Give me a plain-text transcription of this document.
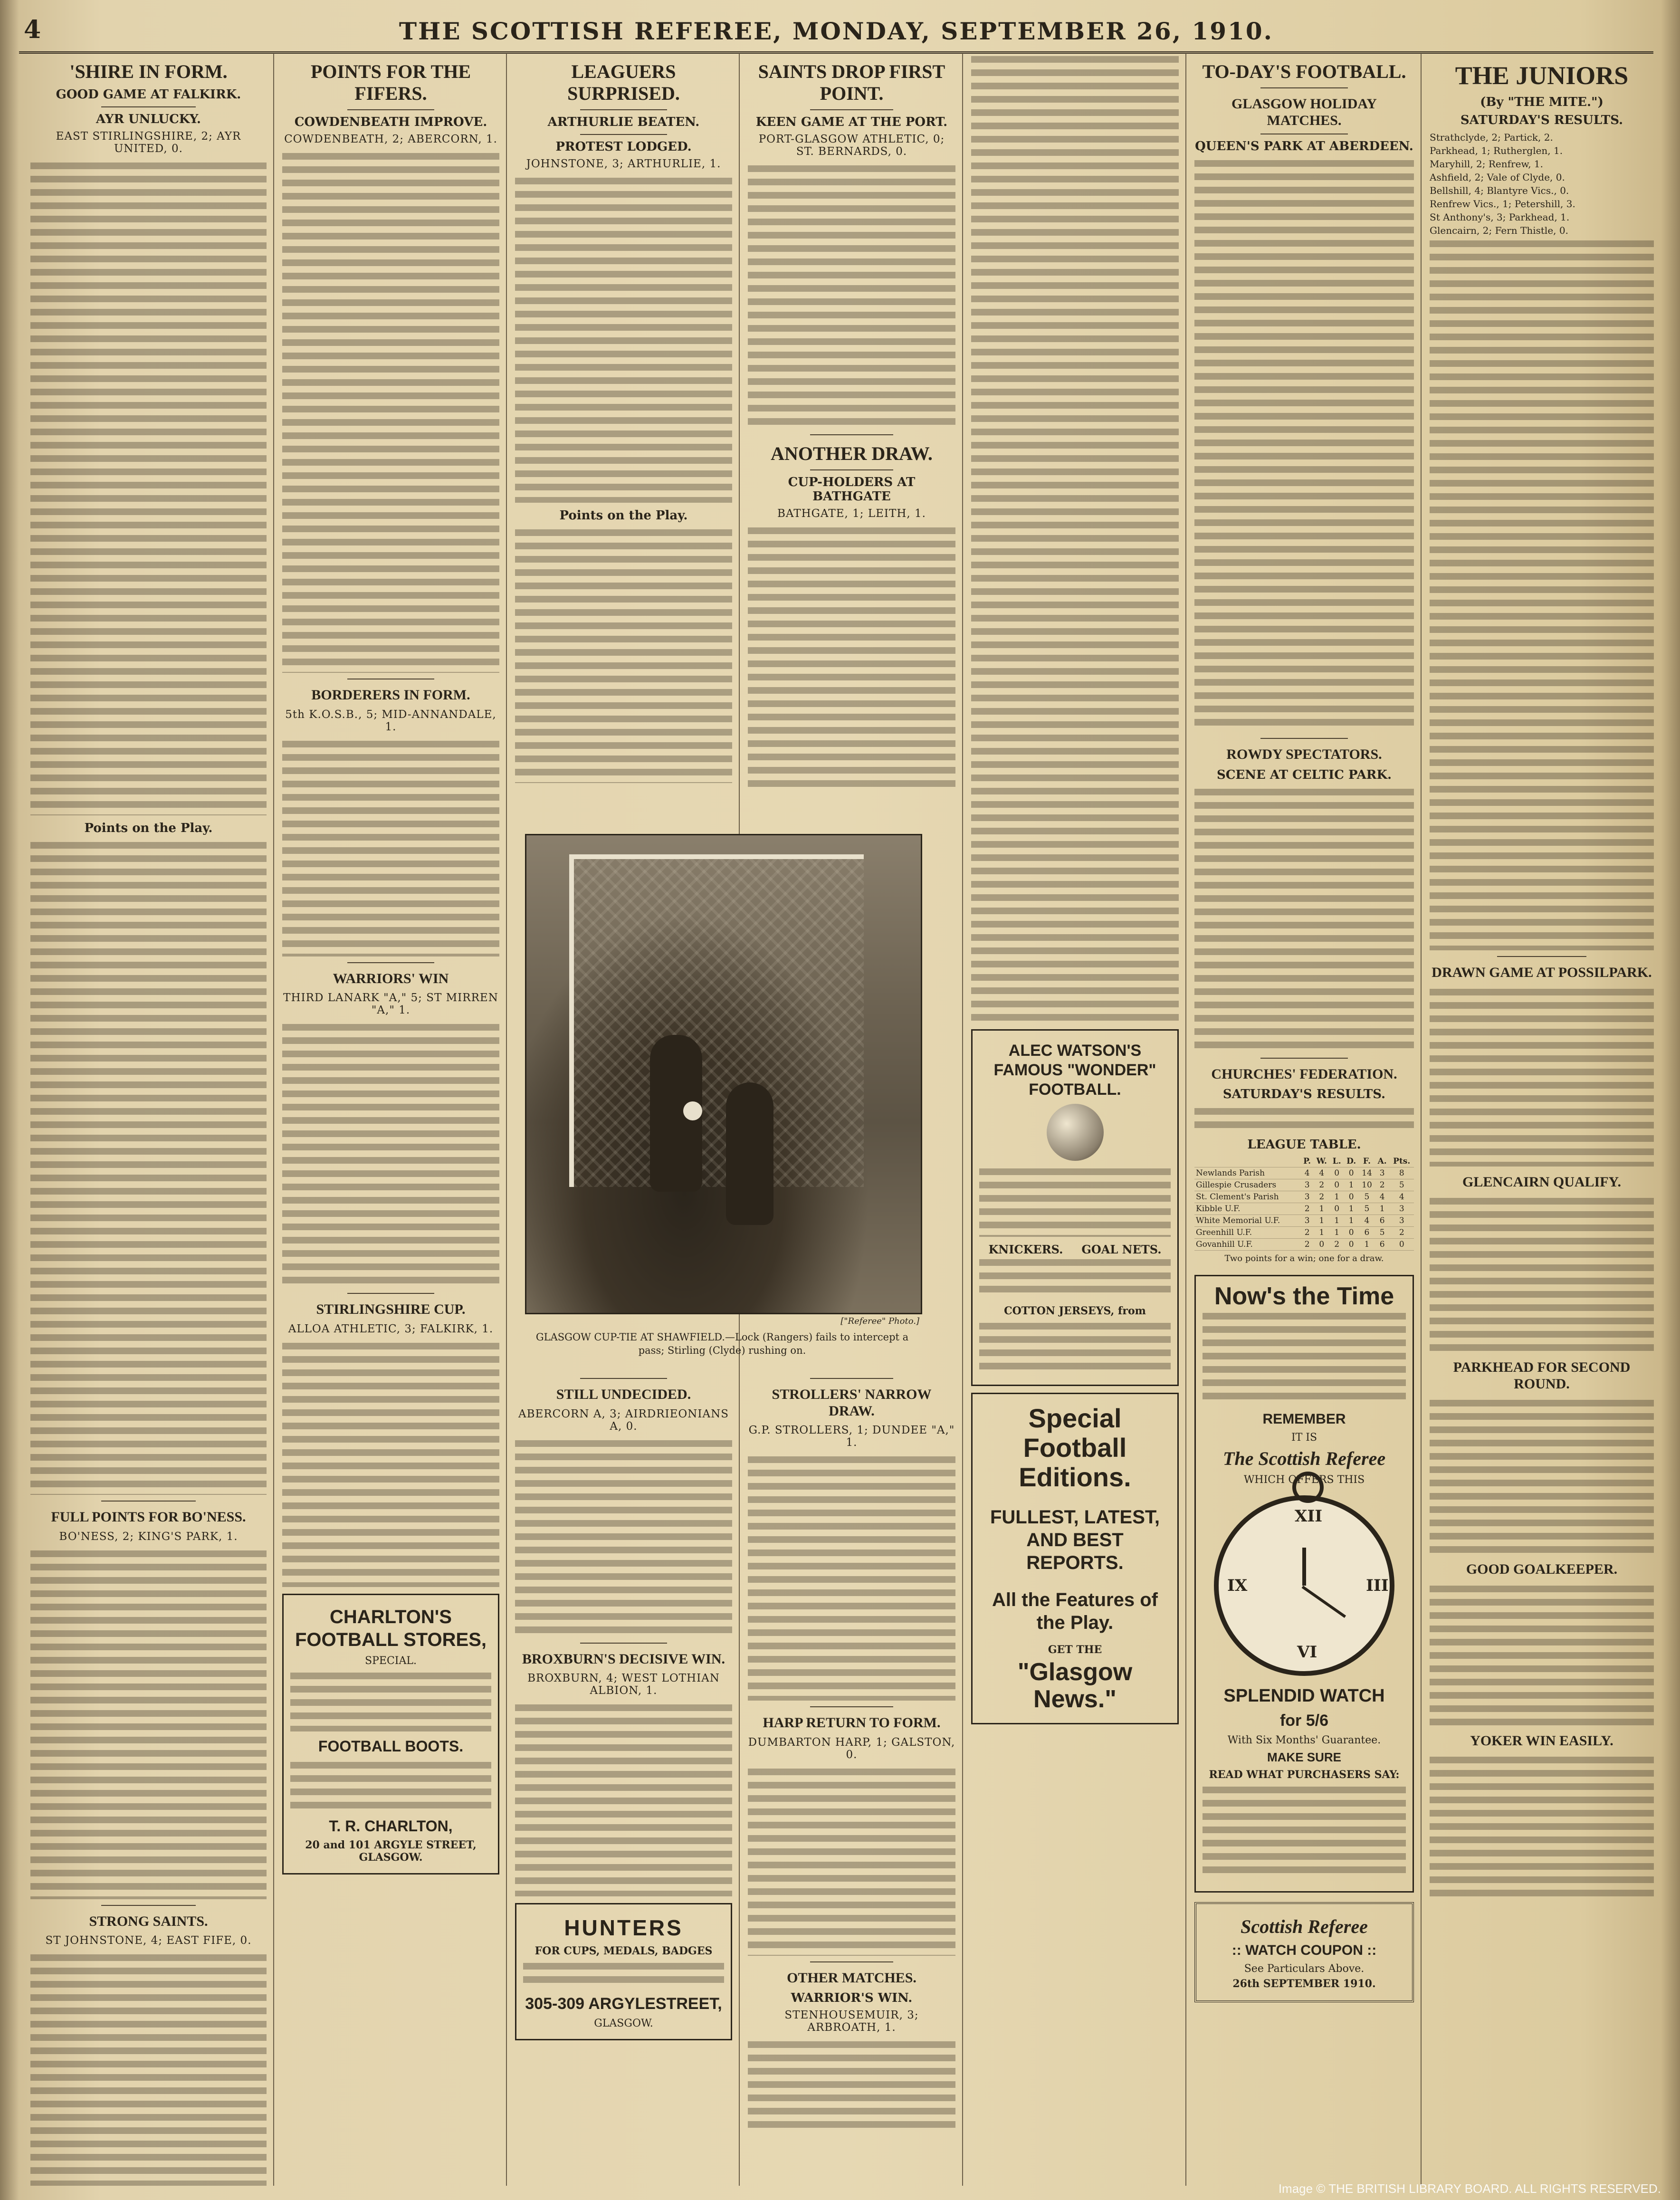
4	THE SCOTTISH REFEREE, MONDAY, SEPTEMBER 26, 1910.
'SHIRE IN FORM.
GOOD GAME AT FALKIRK.
AYR UNLUCKY.
EAST STIRLINGSHIRE, 2; AYR UNITED, 0.
Points on the Play.
FULL POINTS FOR BO'NESS.
BO'NESS, 2; KING'S PARK, 1.
STRONG SAINTS.
ST JOHNSTONE, 4; EAST FIFE, 0.
POINTS FOR THE FIFERS.
COWDENBEATH IMPROVE.
COWDENBEATH, 2; ABERCORN, 1.
BORDERERS IN FORM.
5th K.O.S.B., 5; MID-ANNANDALE, 1.
WARRIORS' WIN
THIRD LANARK "A," 5; ST MIRREN "A," 1.
STIRLINGSHIRE CUP.
ALLOA ATHLETIC, 3; FALKIRK, 1.
CHARLTON'S FOOTBALL STORES,
SPECIAL.
FOOTBALL BOOTS.
T. R. CHARLTON,
20 and 101 ARGYLE STREET, GLASGOW.
LEAGUERS SURPRISED.
ARTHURLIE BEATEN.
PROTEST LODGED.
JOHNSTONE, 3; ARTHURLIE, 1.
Points on the Play.
SAINTS DROP FIRST POINT.
KEEN GAME AT THE PORT.
PORT-GLASGOW ATHLETIC, 0; ST. BERNARDS, 0.
ANOTHER DRAW.
CUP-HOLDERS AT BATHGATE
BATHGATE, 1; LEITH, 1.
["Referee" Photo.]
GLASGOW CUP-TIE AT SHAWFIELD.—Lock (Rangers) fails to intercept a pass; Stirling (Clyde) rushing on.
STILL UNDECIDED.
ABERCORN A, 3; AIRDRIEONIANS A, 0.
BROXBURN'S DECISIVE WIN.
BROXBURN, 4; WEST LOTHIAN ALBION, 1.
HUNTERS
FOR CUPS, MEDALS, BADGES
305-309 ARGYLESTREET,
GLASGOW.
STROLLERS' NARROW DRAW.
G.P. STROLLERS, 1; DUNDEE "A," 1.
HARP RETURN TO FORM.
DUMBARTON HARP, 1; GALSTON, 0.
OTHER MATCHES.
WARRIOR'S WIN.
STENHOUSEMUIR, 3; ARBROATH, 1.
ALEC WATSON'S FAMOUS "WONDER" FOOTBALL.
KNICKERS. GOAL NETS.
COTTON JERSEYS, from
Special Football Editions.
FULLEST, LATEST, AND BEST REPORTS.
All the Features of the Play.
GET THE
"Glasgow News."
TO-DAY'S FOOTBALL.
GLASGOW HOLIDAY MATCHES.
QUEEN'S PARK AT ABERDEEN.
ROWDY SPECTATORS.
SCENE AT CELTIC PARK.
CHURCHES' FEDERATION.
SATURDAY'S RESULTS.
LEAGUE TABLE.
	P.	W.	L.	D.	F.	A.	Pts.
Newlands Parish	4	4	0	0	14	3	8
Gillespie Crusaders	3	2	0	1	10	2	5
St. Clement's Parish	3	2	1	0	5	4	4
Kibble U.F.	2	1	0	1	5	1	3
White Memorial U.F.	3	1	1	1	4	6	3
Greenhill U.F.	2	1	1	0	6	5	2
Govanhill U.F.	2	0	2	0	1	6	0
Two points for a win; one for a draw.
Now's the Time
REMEMBER
IT IS
The Scottish Referee
WHICH OFFERS THIS
XII
III
VI
IX
SPLENDID WATCH
for 5/6
With Six Months' Guarantee.
MAKE SURE
READ WHAT PURCHASERS SAY:
Scottish Referee
:: WATCH COUPON ::
See Particulars Above.
26th SEPTEMBER 1910.
THE JUNIORS
(By "THE MITE.")
SATURDAY'S RESULTS.
Strathclyde, 2; Partick, 2.
Parkhead, 1; Rutherglen, 1.
Maryhill, 2; Renfrew, 1.
Ashfield, 2; Vale of Clyde, 0.
Bellshill, 4; Blantyre Vics., 0.
Renfrew Vics., 1; Petershill, 3.
St Anthony's, 3; Parkhead, 1.
Glencairn, 2; Fern Thistle, 0.
DRAWN GAME AT POSSILPARK.
GLENCAIRN QUALIFY.
PARKHEAD FOR SECOND ROUND.
GOOD GOALKEEPER.
YOKER WIN EASILY.
Image © THE BRITISH LIBRARY BOARD. ALL RIGHTS RESERVED.
